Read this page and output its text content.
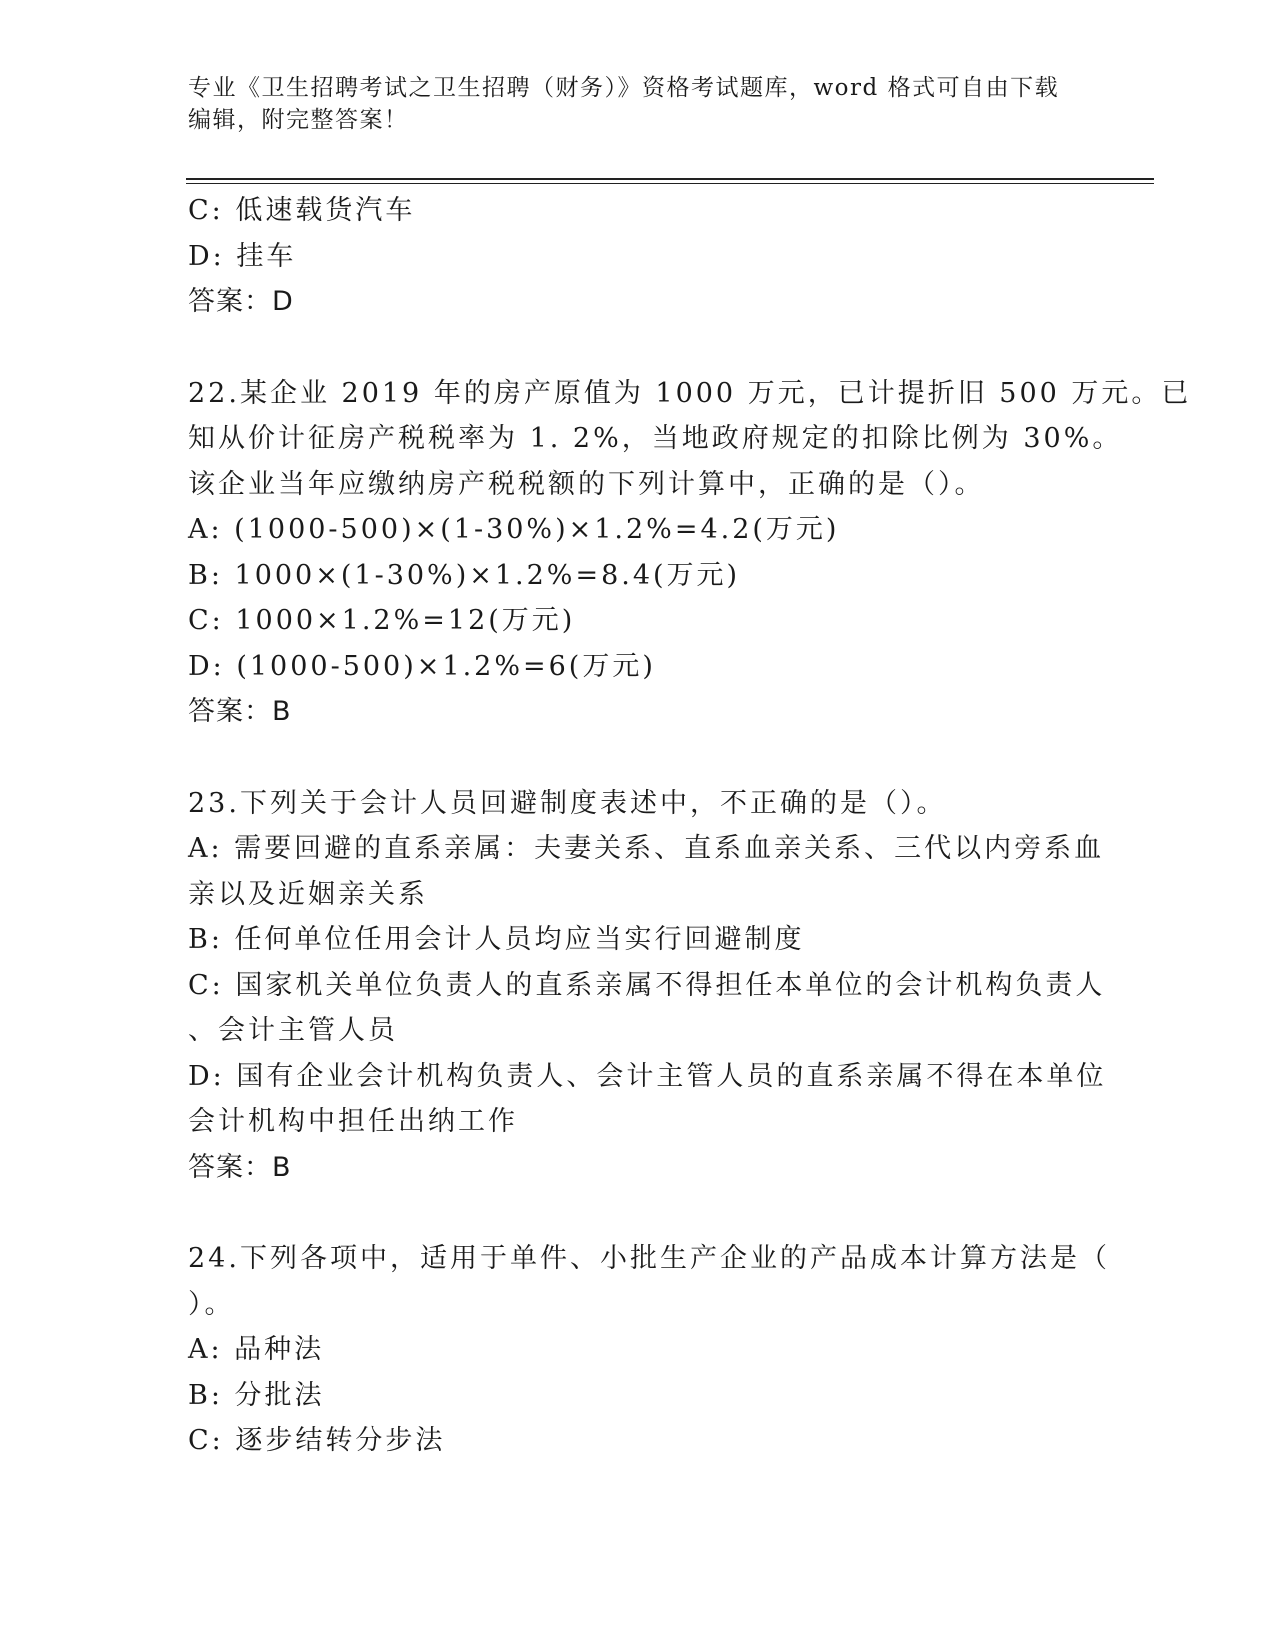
专业《卫生招聘考试之卫生招聘（财务）》资格考试题库，word 格式可自由下载
编辑，附完整答案！
C: 低速载货汽车
D: 挂车
答案：D
22.某企业 2019 年的房产原值为 1000 万元，已计提折旧 500 万元。已
知从价计征房产税税率为 1. 2%，当地政府规定的扣除比例为 30%。
该企业当年应缴纳房产税税额的下列计算中，正确的是（）。
A: (1000-500)×(1-30%)×1.2%=4.2(万元)
B: 1000×(1-30%)×1.2%=8.4(万元)
C: 1000×1.2%=12(万元)
D: (1000-500)×1.2%=6(万元)
答案：B
23.下列关于会计人员回避制度表述中，不正确的是（）。
A: 需要回避的直系亲属：夫妻关系、直系血亲关系、三代以内旁系血
亲以及近姻亲关系
B: 任何单位任用会计人员均应当实行回避制度
C: 国家机关单位负责人的直系亲属不得担任本单位的会计机构负责人
、会计主管人员
D: 国有企业会计机构负责人、会计主管人员的直系亲属不得在本单位
会计机构中担任出纳工作
答案：B
24.下列各项中，适用于单件、小批生产企业的产品成本计算方法是（
）。
A: 品种法
B: 分批法
C: 逐步结转分步法
